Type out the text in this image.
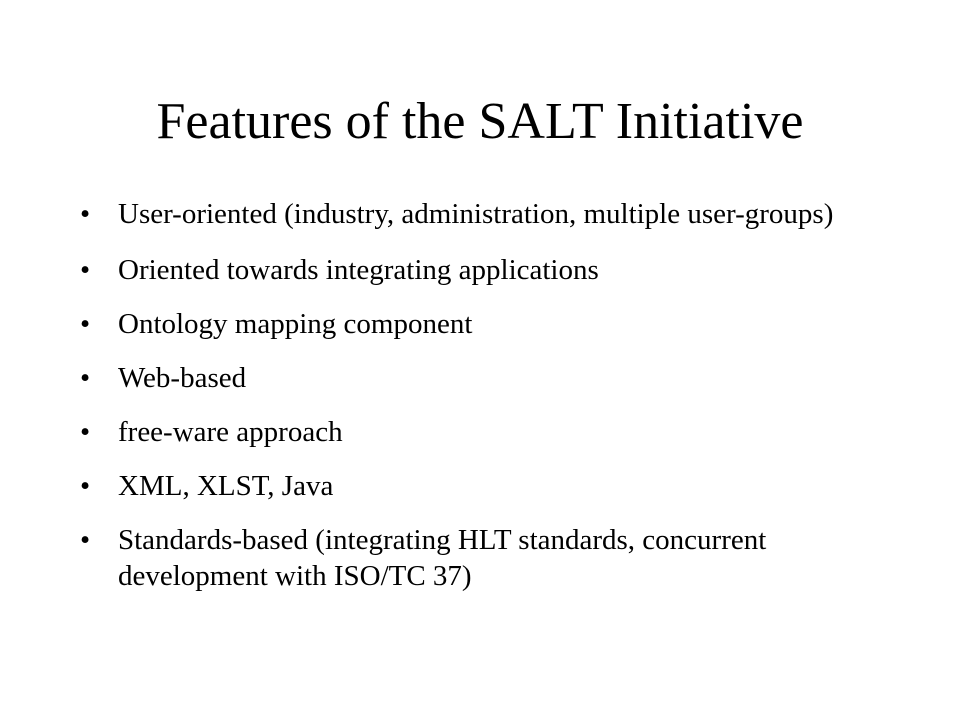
Features of the SALT Initiative
• User-oriented (industry, administration, multiple user-groups)
• Oriented towards integrating applications
• Ontology mapping component
• Web-based
• free-ware approach
• XML, XLST, Java
• Standards-based (integrating HLT standards, concurrent development with ISO/TC 37)
